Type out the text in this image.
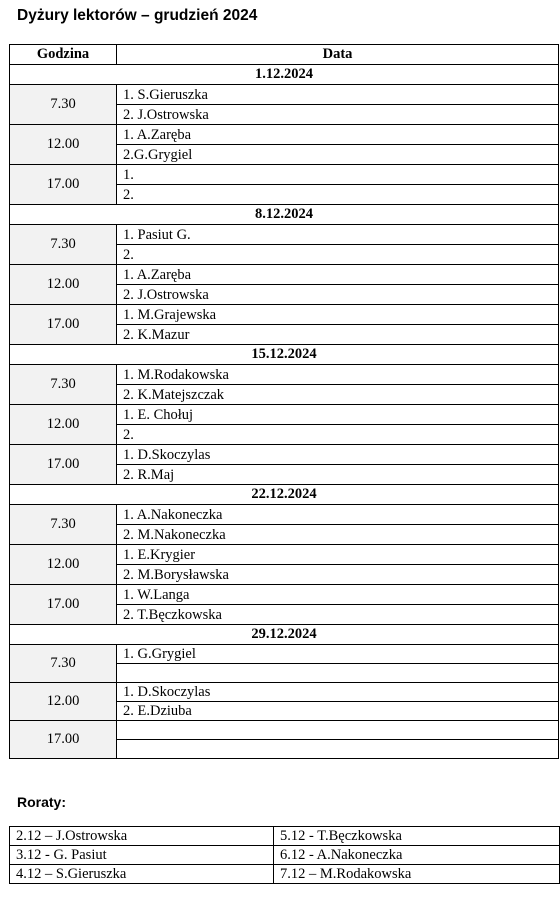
Dyżury lektorów – grudzień 2024
Godzina	Data
1.12.2024	
7.30	1. S.Gieruszka
	2. J.Ostrowska
12.00	1. A.Zaręba
	2.G.Grygiel
17.00	1.
	2.
8.12.2024	
7.30	1. Pasiut G.
	2.
12.00	1. A.Zaręba
	2. J.Ostrowska
17.00	1. M.Grajewska
	2. K.Mazur
15.12.2024	
7.30	1. M.Rodakowska
	2. K.Matejszczak
12.00	1. E. Chołuj
	2.
17.00	1. D.Skoczylas
	2. R.Maj
22.12.2024	
7.30	1. A.Nakoneczka
	2. M.Nakoneczka
12.00	1. E.Krygier
	2. M.Borysławska
17.00	1. W.Langa
	2. T.Bęczkowska
29.12.2024	
7.30	1. G.Grygiel

12.00	1. D.Skoczylas
	2. E.Dziuba
17.00	

Roraty:
2.12 – J.Ostrowska	5.12 - T.Bęczkowska
3.12 - G. Pasiut	6.12 - A.Nakoneczka
4.12 – S.Gieruszka	7.12 – M.Rodakowska
